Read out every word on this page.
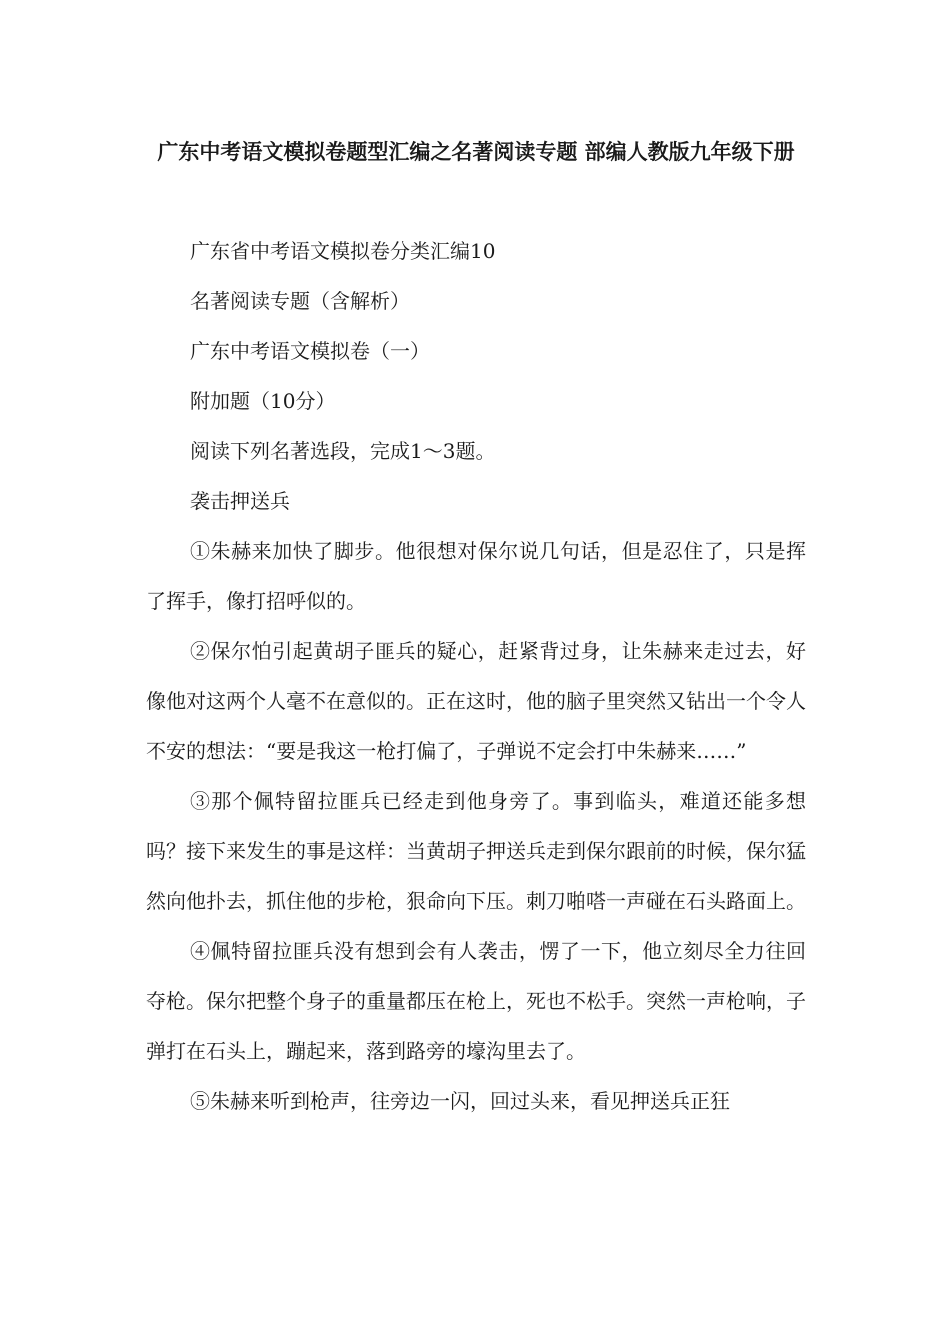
广东中考语文模拟卷题型汇编之名著阅读专题 部编人教版九年级下册

广东省中考语文模拟卷分类汇编10

名著阅读专题（含解析）

广东中考语文模拟卷（一）

附加题（10分）

阅读下列名著选段，完成1～3题。

袭击押送兵

①朱赫来加快了脚步。他很想对保尔说几句话，但是忍住了，只是挥了挥手，像打招呼似的。

②保尔怕引起黄胡子匪兵的疑心，赶紧背过身，让朱赫来走过去，好像他对这两个人毫不在意似的。正在这时，他的脑子里突然又钻出一个令人不安的想法：“要是我这一枪打偏了，子弹说不定会打中朱赫来……”

③那个佩特留拉匪兵已经走到他身旁了。事到临头，难道还能多想吗？接下来发生的事是这样：当黄胡子押送兵走到保尔跟前的时候，保尔猛然向他扑去，抓住他的步枪，狠命向下压。刺刀啪嗒一声碰在石头路面上。

④佩特留拉匪兵没有想到会有人袭击，愣了一下，他立刻尽全力往回夺枪。保尔把整个身子的重量都压在枪上，死也不松手。突然一声枪响，子弹打在石头上，蹦起来，落到路旁的壕沟里去了。

⑤朱赫来听到枪声，往旁边一闪，回过头来，看见押送兵正狂
